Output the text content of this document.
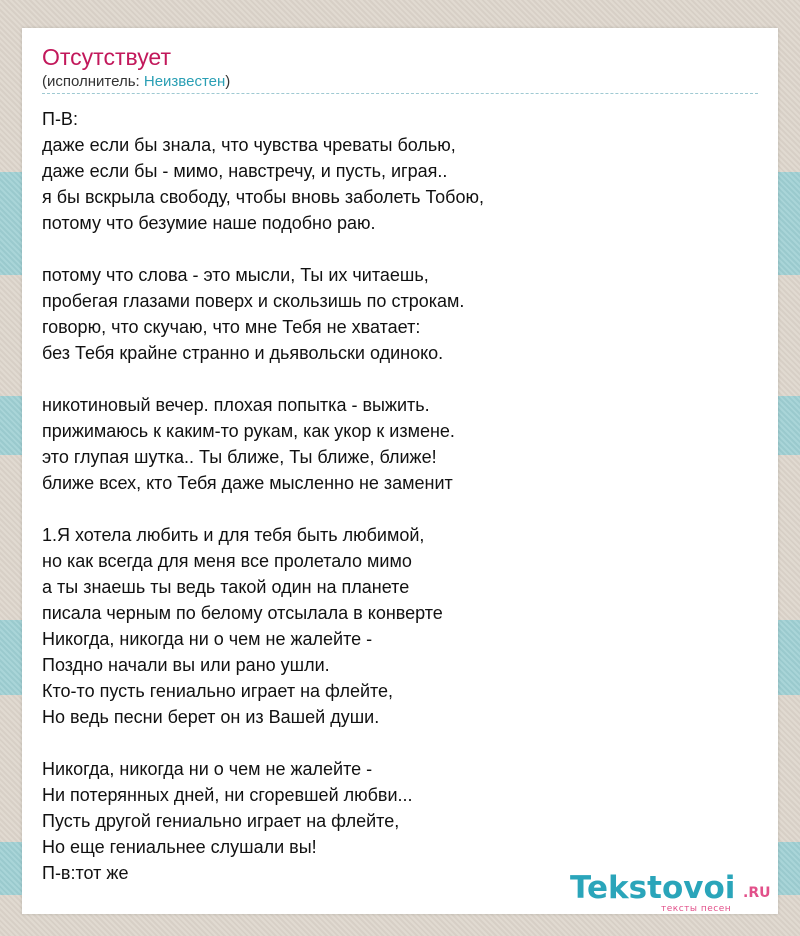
Отсутствует
(исполнитель: Неизвестен)
П-В:
даже если бы знала, что чувства чреваты болью,
даже если бы - мимо, навстречу, и пусть, играя..
я бы вскрыла свободу, чтобы вновь заболеть Тобою,
потому что безумие наше подобно раю.
потому что слова - это мысли, Ты их читаешь,
пробегая глазами поверх и скользишь по строкам.
говорю, что скучаю, что мне Тебя не хватает:
без Тебя крайне странно и дьявольски одиноко.
никотиновый вечер. плохая попытка - выжить.
прижимаюсь к каким-то рукам, как укор к измене.
это глупая шутка.. Ты ближе, Ты ближе, ближе!
ближе всех, кто Тебя даже мысленно не заменит
1.Я хотела любить и для тебя быть любимой,
но как всегда для меня все пролетало мимо
а ты знаешь ты ведь такой один на планете
писала черным по белому отсылала в конверте
Никогда, никогда ни о чем не жалейте -
Поздно начали вы или рано ушли.
Кто-то пусть гениально играет на флейте,
Но ведь песни берет он из Вашей души.
Никогда, никогда ни о чем не жалейте -
Ни потерянных дней, ни сгоревшей любви...
Пусть другой гениально играет на флейте,
Но еще гениальнее слушали вы!
П-в:тот же	Tekstovoi .RU
тексты песен
